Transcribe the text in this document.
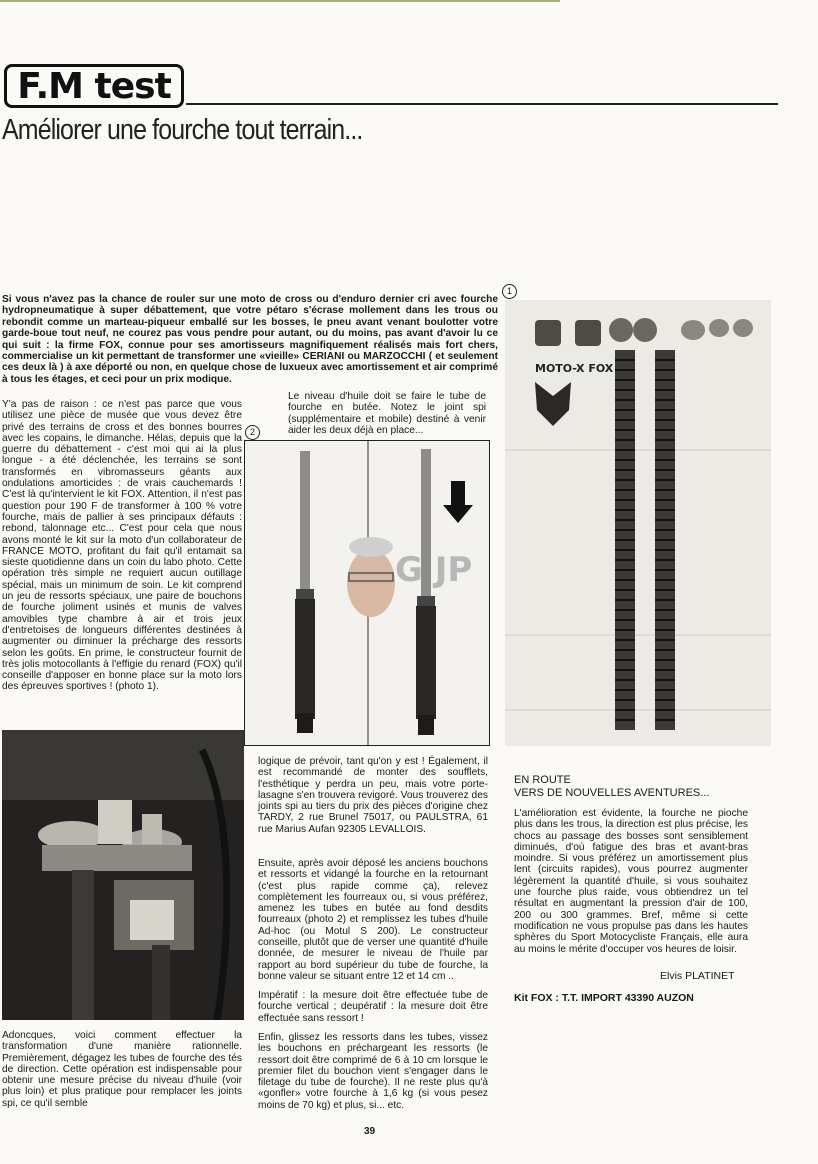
F.M test
Améliorer une fourche tout terrain...
Si vous n'avez pas la chance de rouler sur une moto de cross ou d'enduro dernier cri avec fourche hydropneumatique à super débattement, que votre pétaro s'écrase mollement dans les trous ou rebondit comme un marteau-piqueur emballé sur les bosses, le pneu avant venant boulotter votre garde-boue tout neuf, ne courez pas vous pendre pour autant, ou du moins, pas avant d'avoir lu ce qui suit : la firme FOX, connue pour ses amortisseurs magnifiquement réalisés mais fort chers, commercialise un kit permettant de transformer une «vieille» CERIANI ou MARZOCCHI ( et seulement ces deux là ) à axe déporté ou non, en quelque chose de luxueux avec amortissement et air comprimé à tous les étages, et ceci pour un prix modique.
Y'a pas de raison : ce n'est pas parce que vous utilisez une pièce de musée que vous devez être privé des terrains de cross et des bonnes bourres avec les copains, le dimanche. Hélas, depuis que la guerre du débattement - c'est moi qui ai la plus longue - a été déclenchée, les terrains se sont transformés en vibromasseurs géants aux ondulations amorticides : de vrais cauchemards ! C'est là qu'intervient le kit FOX. Attention, il n'est pas question pour 190 F de transformer à 100 % votre fourche, mais de pallier à ses principaux défauts : rebond, talonnage etc... C'est pour cela que nous avons monté le kit sur la moto d'un collaborateur de FRANCE MOTO, profitant du fait qu'il entamait sa sieste quotidienne dans un coin du labo photo. Cette opération très simple ne requiert aucun outillage spécial, mais un minimum de soin. Le kit comprend un jeu de ressorts spéciaux, une paire de bouchons de fourche joliment usinés et munis de valves amovibles type chambre à air et trois jeux d'entretoises de longueurs différentes destinées à augmenter ou diminuer la précharge des ressorts selon les goûts. En prime, le constructeur fournit de très jolis motocollants à l'effigie du renard (FOX) qu'il conseille d'apposer en bonne place sur la moto lors des épreuves sportives ! (photo 1).
Adoncques, voici comment effectuer la transformation d'une manière rationnelle. Premièrement, dégagez les tubes de fourche des tés de direction. Cette opération est indispensable pour obtenir une mesure précise du niveau d'huile (voir plus loin) et plus pratique pour remplacer les joints spi, ce qu'il semble
Le niveau d'huile doit se faire le tube de fourche en butée. Notez le joint spi (supplémentaire et mobile) destiné à venir aider les deux déjà en place...
2
G JP
logique de prévoir, tant qu'on y est ! Également, il est recommandé de monter des soufflets, l'esthétique y perdra un peu, mais votre porte-lasagne s'en trouvera revigoré. Vous trouverez des joints spi au tiers du prix des pièces d'origine chez TARDY, 2 rue Brunel 75017, ou PAULSTRA, 61 rue Marius Aufan 92305 LEVALLOIS.
Ensuite, après avoir déposé les anciens bouchons et ressorts et vidangé la fourche en la retournant (c'est plus rapide comme ça), relevez complètement les fourreaux ou, si vous préférez, amenez les tubes en butée au fond desdits fourreaux (photo 2) et remplissez les tubes d'huile Ad-hoc (ou Motul S 200). Le constructeur conseille, plutôt que de verser une quantité d'huile donnée, de mesurer le niveau de l'huile par rapport au bord supérieur du tube de fourche, la bonne valeur se situant entre 12 et 14 cm ..
Impératif : la mesure doit être effectuée tube de fourche vertical ; deupératif : la mesure doit être effectuée sans ressort !
Enfin, glissez les ressorts dans les tubes, vissez les bouchons en préchargeant les ressorts (le ressort doit être comprimé de 6 à 10 cm lorsque le premier filet du bouchon vient s'engager dans le filetage du tube de fourche). Il ne reste plus qu'à «gonfler» votre fourche à 1,6 kg (si vous pesez moins de 70 kg) et plus, si... etc.
1
MOTO-X FOX
EN ROUTE
VERS DE NOUVELLES AVENTURES...
L'amélioration est évidente, la fourche ne pioche plus dans les trous, la direction est plus précise, les chocs au passage des bosses sont sensiblement diminués, d'où fatigue des bras et avant-bras moindre. Si vous préférez un amortissement plus lent (circuits rapides), vous pourrez augmenter légèrement la quantité d'huile, si vous souhaitez une fourche plus raide, vous obtiendrez un tel résultat en augmentant la pression d'air de 100, 200 ou 300 grammes. Bref, même si cette modification ne vous propulse pas dans les hautes sphères du Sport Motocycliste Français, elle aura au moins le mérite d'occuper vos heures de loisir.
Elvis PLATINET
Kit FOX : T.T. IMPORT 43390 AUZON
39
